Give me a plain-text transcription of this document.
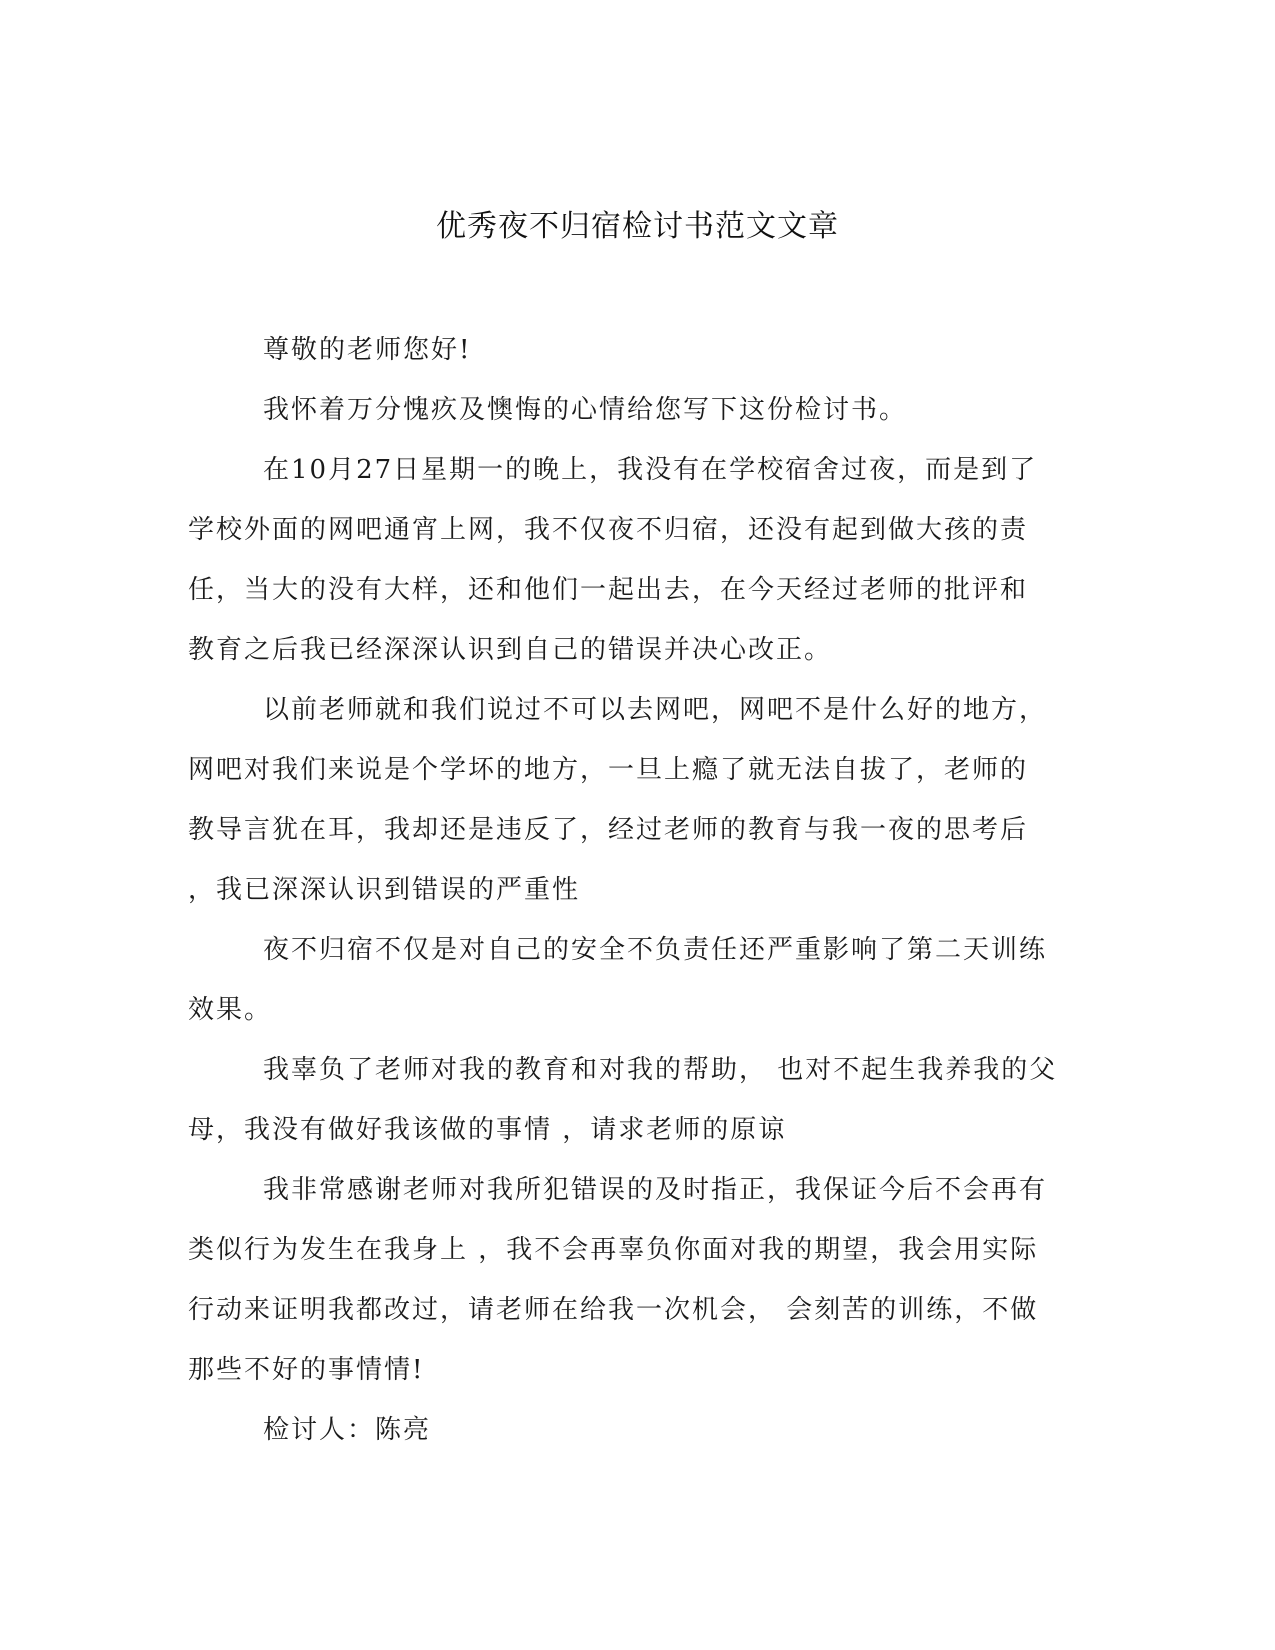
优秀夜不归宿检讨书范文文章
尊敬的老师您好!
我怀着万分愧疚及懊悔的心情给您写下这份检讨书。
在10月27日星期一的晚上，我没有在学校宿舍过夜，而是到了
学校外面的网吧通宵上网，我不仅夜不归宿，还没有起到做大孩的责
任，当大的没有大样，还和他们一起出去，在今天经过老师的批评和
教育之后我已经深深认识到自己的错误并决心改正。
以前老师就和我们说过不可以去网吧，网吧不是什么好的地方，
网吧对我们来说是个学坏的地方，一旦上瘾了就无法自拔了，老师的
教导言犹在耳，我却还是违反了，经过老师的教育与我一夜的思考后
，我已深深认识到错误的严重性
夜不归宿不仅是对自己的安全不负责任还严重影响了第二天训练
效果。
我辜负了老师对我的教育和对我的帮助， 也对不起生我养我的父
母，我没有做好我该做的事情 ，请求老师的原谅
我非常感谢老师对我所犯错误的及时指正，我保证今后不会再有
类似行为发生在我身上 ，我不会再辜负你面对我的期望，我会用实际
行动来证明我都改过，请老师在给我一次机会， 会刻苦的训练，不做
那些不好的事情情!
检讨人：陈亮
